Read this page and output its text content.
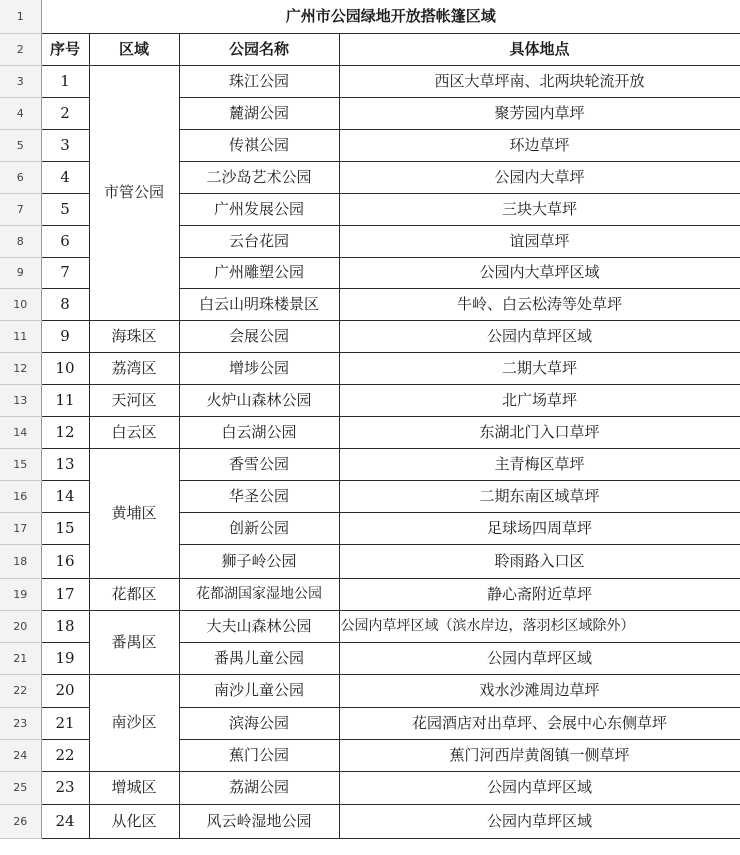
1	广州市公园绿地开放搭帐篷区域			
2	序号	区域	公园名称	具体地点
3	1	市管公园	珠江公园	西区大草坪南、北两块轮流开放
4	2		麓湖公园	聚芳园内草坪
5	3		传祺公园	环边草坪
6	4		二沙岛艺术公园	公园内大草坪
7	5		广州发展公园	三块大草坪
8	6		云台花园	谊园草坪
9	7		广州雕塑公园	公园内大草坪区域
10	8		白云山明珠楼景区	牛岭、白云松涛等处草坪
11	9	海珠区	会展公园	公园内草坪区域
12	10	荔湾区	增埗公园	二期大草坪
13	11	天河区	火炉山森林公园	北广场草坪
14	12	白云区	白云湖公园	东湖北门入口草坪
15	13	黄埔区	香雪公园	主青梅区草坪
16	14		华圣公园	二期东南区域草坪
17	15		创新公园	足球场四周草坪
18	16		狮子岭公园	聆雨路入口区
19	17	花都区	花都湖国家湿地公园	静心斋附近草坪
20	18	番禺区	大夫山森林公园	公园内草坪区域（滨水岸边，落羽杉区域除外）
21	19		番禺儿童公园	公园内草坪区域
22	20	南沙区	南沙儿童公园	戏水沙滩周边草坪
23	21		滨海公园	花园酒店对出草坪、会展中心东侧草坪
24	22		蕉门公园	蕉门河西岸黄阁镇一侧草坪
25	23	增城区	荔湖公园	公园内草坪区域
26	24	从化区	风云岭湿地公园	公园内草坪区域
